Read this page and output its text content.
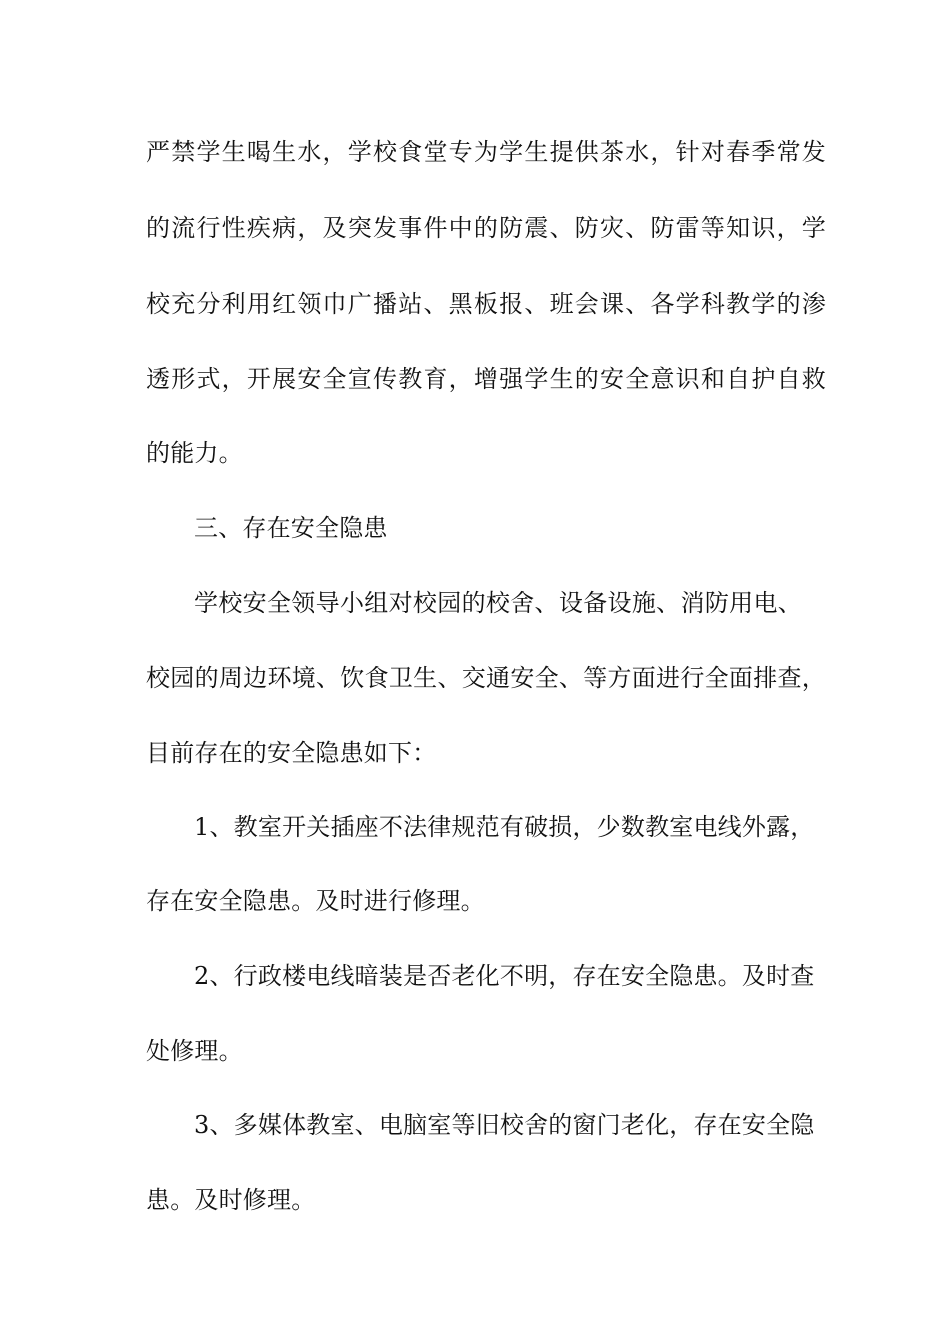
严禁学生喝生水，学校食堂专为学生提供茶水，针对春季常发
的流行性疾病，及突发事件中的防震、防灾、防雷等知识，学
校充分利用红领巾广播站、黑板报、班会课、各学科教学的渗
透形式，开展安全宣传教育，增强学生的安全意识和自护自救
的能力。
三、存在安全隐患
学校安全领导小组对校园的校舍、设备设施、消防用电、
校园的周边环境、饮食卫生、交通安全、等方面进行全面排查，
目前存在的安全隐患如下：
1、教室开关插座不法律规范有破损，少数教室电线外露，
存在安全隐患。及时进行修理。
2、行政楼电线暗装是否老化不明，存在安全隐患。及时查
处修理。
3、多媒体教室、电脑室等旧校舍的窗门老化，存在安全隐
患。及时修理。
